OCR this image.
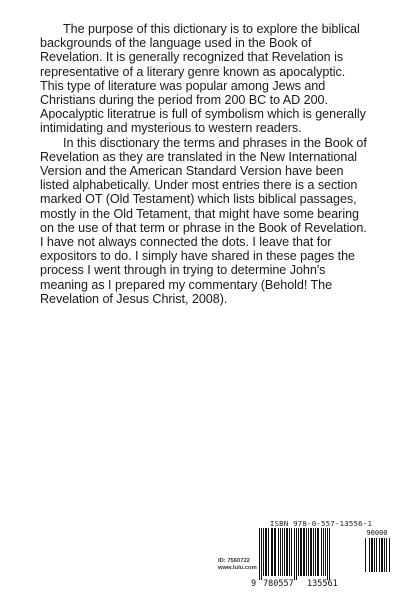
The purpose of this dictionary is to explore the biblical backgrounds of the language used in the Book of Revelation. It is generally recognized that Revelation is representative of a literary genre known as apocalyptic. This type of literature was popular among Jews and Christians during the period from 200 BC to AD 200. Apocalyptic literatrue is full of symbolism which is generally intimidating and mysterious to western readers.

In this disctionary the terms and phrases in the Book of Revelation as they are translated in the New International Version and the American Standard Version have been listed alphabetically. Under most entries there is a section marked OT (Old Testament) which lists biblical passages, mostly in the Old Tetament, that might have some bearing on the use of that term or phrase in the Book of Revelation. I have not always connected the dots. I leave that for expositors to do. I simply have shared in these pages the process I went through in trying to determine John's meaning as I prepared my commentary (Behold! The Revelation of Jesus Christ, 2008).

ID: 7560722
www.lulu.com
ISBN 978-0-557-13556-1
9 780557 135561
90000
